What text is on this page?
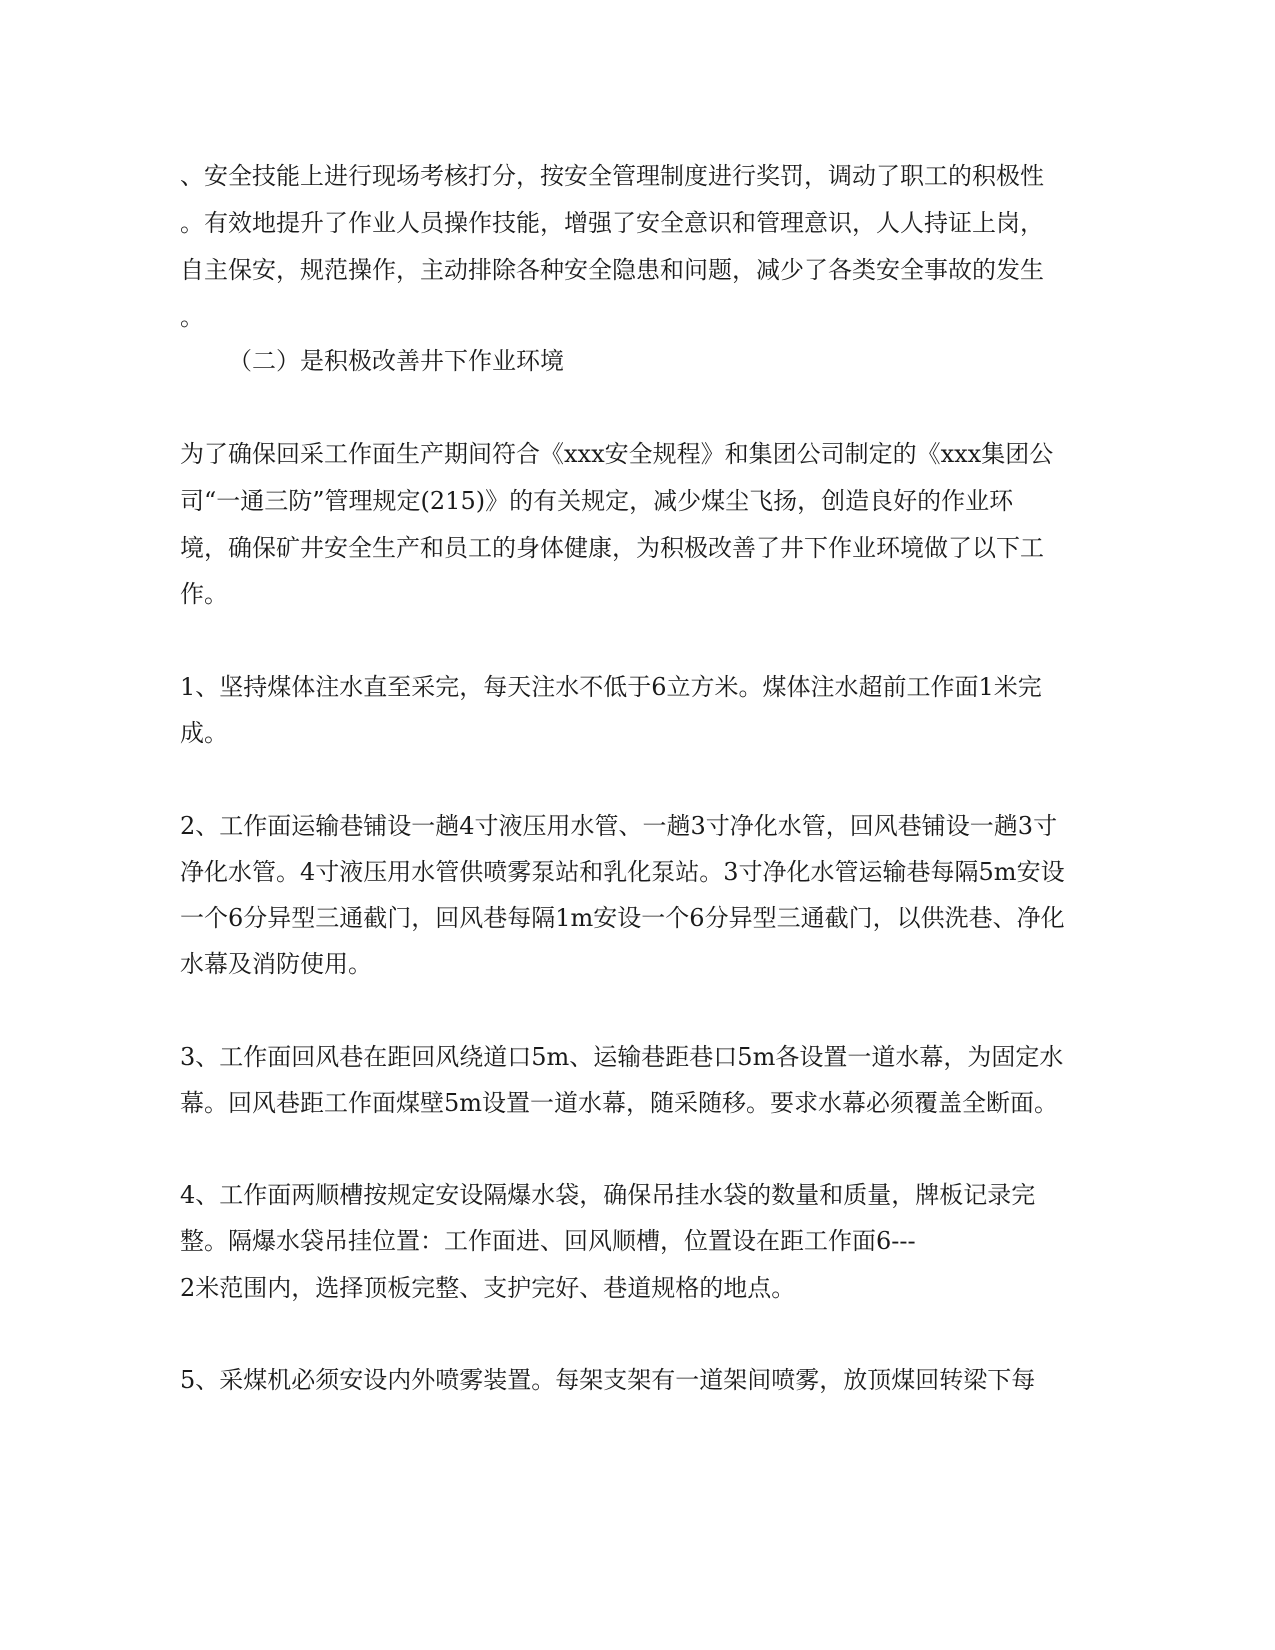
、安全技能上进行现场考核打分，按安全管理制度进行奖罚，调动了职工的积极性
。有效地提升了作业人员操作技能，增强了安全意识和管理意识，人人持证上岗，
自主保安，规范操作，主动排除各种安全隐患和问题，减少了各类安全事故的发生
。
（二）是积极改善井下作业环境
为了确保回采工作面生产期间符合《xxx安全规程》和集团公司制定的《xxx集团公
司“一通三防”管理规定(215)》的有关规定，减少煤尘飞扬，创造良好的作业环
境，确保矿井安全生产和员工的身体健康，为积极改善了井下作业环境做了以下工
作。
1、坚持煤体注水直至采完，每天注水不低于6立方米。煤体注水超前工作面1米完
成。
2、工作面运输巷铺设一趟4寸液压用水管、一趟3寸净化水管，回风巷铺设一趟3寸
净化水管。4寸液压用水管供喷雾泵站和乳化泵站。3寸净化水管运输巷每隔5m安设
一个6分异型三通截门，回风巷每隔1m安设一个6分异型三通截门，以供洗巷、净化
水幕及消防使用。
3、工作面回风巷在距回风绕道口5m、运输巷距巷口5m各设置一道水幕，为固定水
幕。回风巷距工作面煤壁5m设置一道水幕，随采随移。要求水幕必须覆盖全断面。
4、工作面两顺槽按规定安设隔爆水袋，确保吊挂水袋的数量和质量，牌板记录完
整。隔爆水袋吊挂位置：工作面进、回风顺槽，位置设在距工作面6---
2米范围内，选择顶板完整、支护完好、巷道规格的地点。
5、采煤机必须安设内外喷雾装置。每架支架有一道架间喷雾，放顶煤回转梁下每
